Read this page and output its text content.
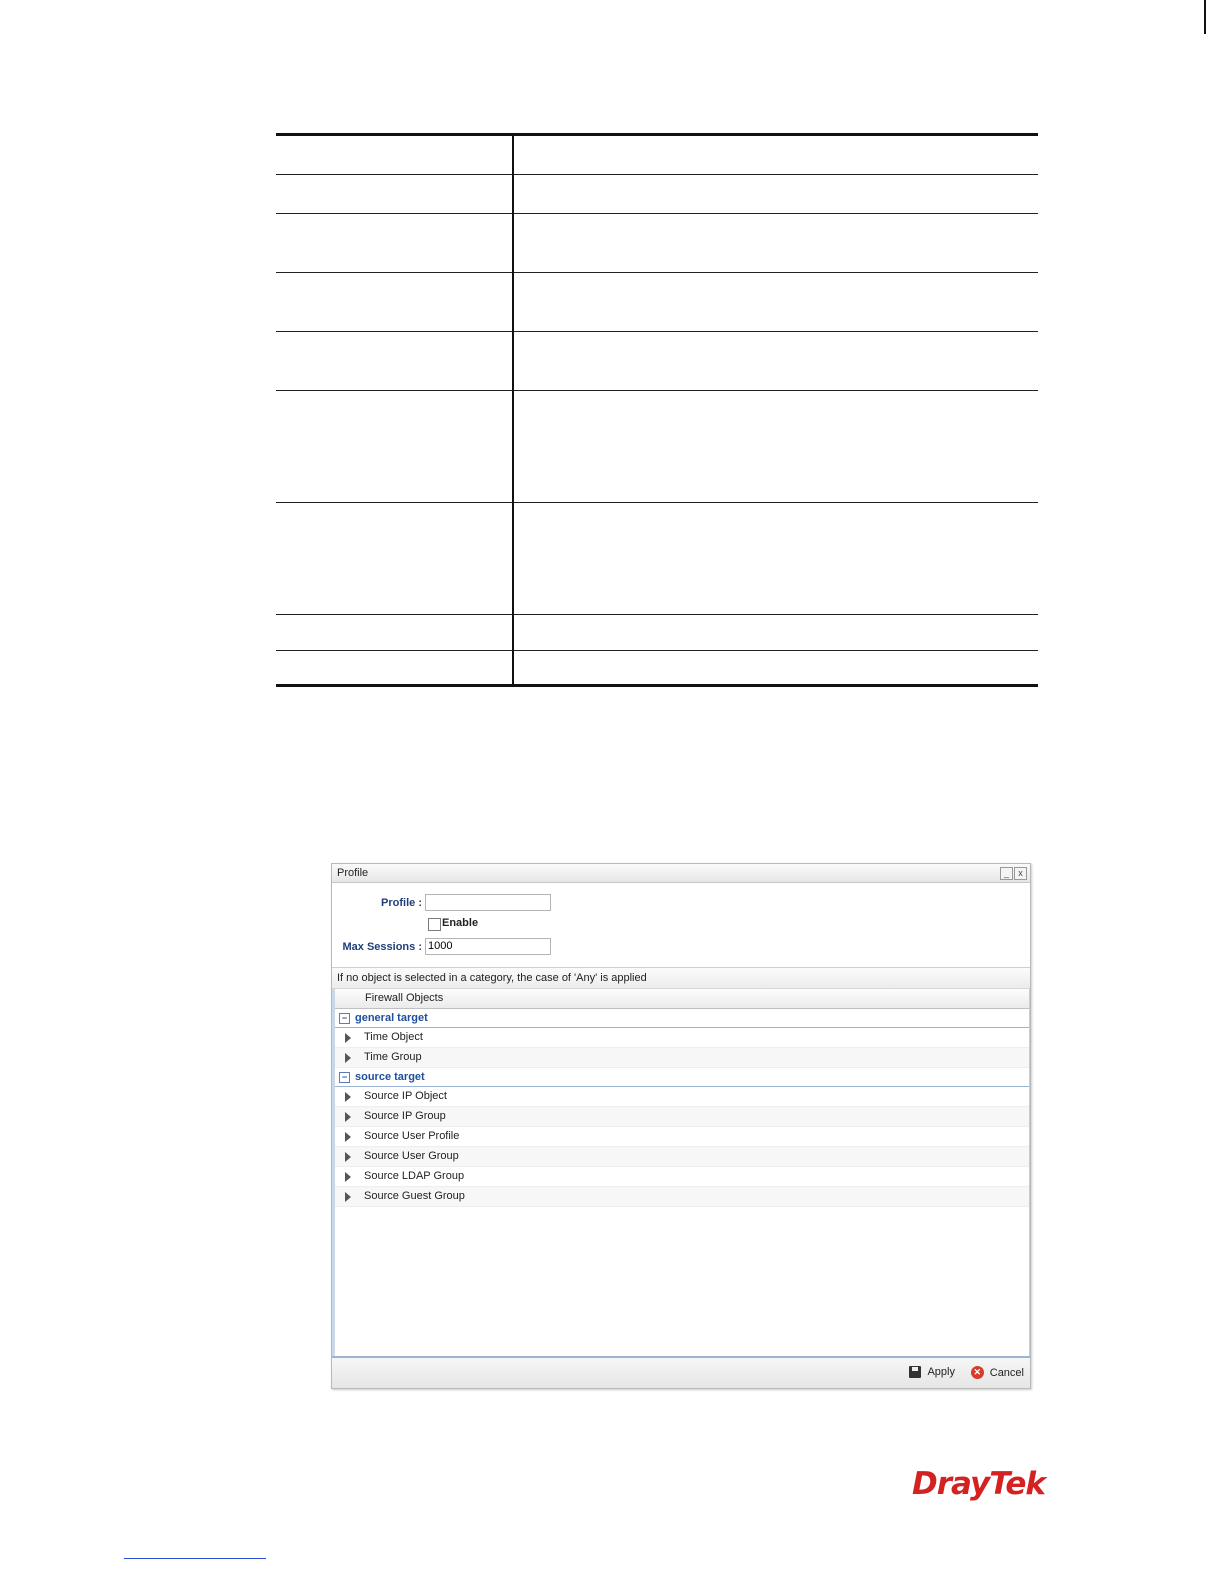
Profile	_	x
Profile :
Enable
Max Sessions :
1000
If no object is selected in a category, the case of 'Any' is applied
Firewall Objects
− general target
Time Object
Time Group
− source target
Source IP Object
Source IP Group
Source User Profile
Source User Group
Source LDAP Group
Source Guest Group
Apply	✕ Cancel
DrayTek
